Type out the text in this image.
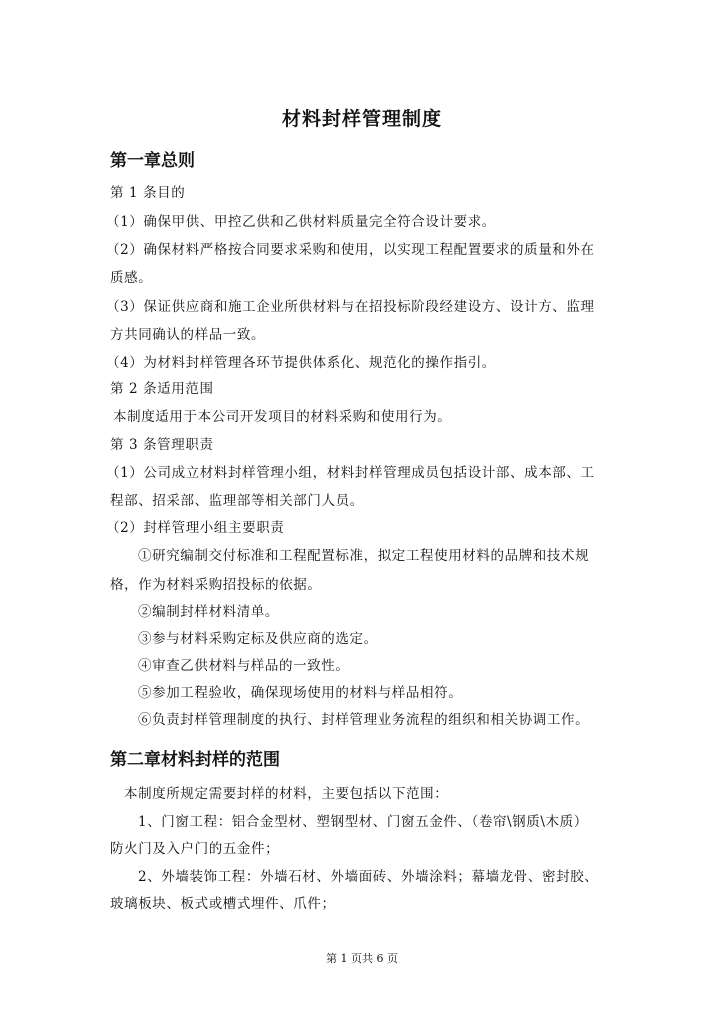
材料封样管理制度
第一章总则
第 1 条目的
（1）确保甲供、甲控乙供和乙供材料质量完全符合设计要求。
（2）确保材料严格按合同要求采购和使用，以实现工程配置要求的质量和外在
质感。
（3）保证供应商和施工企业所供材料与在招投标阶段经建设方、设计方、监理
方共同确认的样品一致。
（4）为材料封样管理各环节提供体系化、规范化的操作指引。
第 2 条适用范围
本制度适用于本公司开发项目的材料采购和使用行为。
第 3 条管理职责
（1）公司成立材料封样管理小组，材料封样管理成员包括设计部、成本部、工
程部、招采部、监理部等相关部门人员。
（2）封样管理小组主要职责
①研究编制交付标准和工程配置标准，拟定工程使用材料的品牌和技术规
格，作为材料采购招投标的依据。
②编制封样材料清单。
③参与材料采购定标及供应商的选定。
④审查乙供材料与样品的一致性。
⑤参加工程验收，确保现场使用的材料与样品相符。
⑥负责封样管理制度的执行、封样管理业务流程的组织和相关协调工作。
第二章材料封样的范围
本制度所规定需要封样的材料，主要包括以下范围：
1、门窗工程：铝合金型材、塑钢型材、门窗五金件、（卷帘\钢质\木质）
防火门及入户门的五金件；
2、外墙装饰工程：外墙石材、外墙面砖、外墙涂料；幕墙龙骨、密封胶、
玻璃板块、板式或槽式埋件、爪件；
第 1 页共 6 页
